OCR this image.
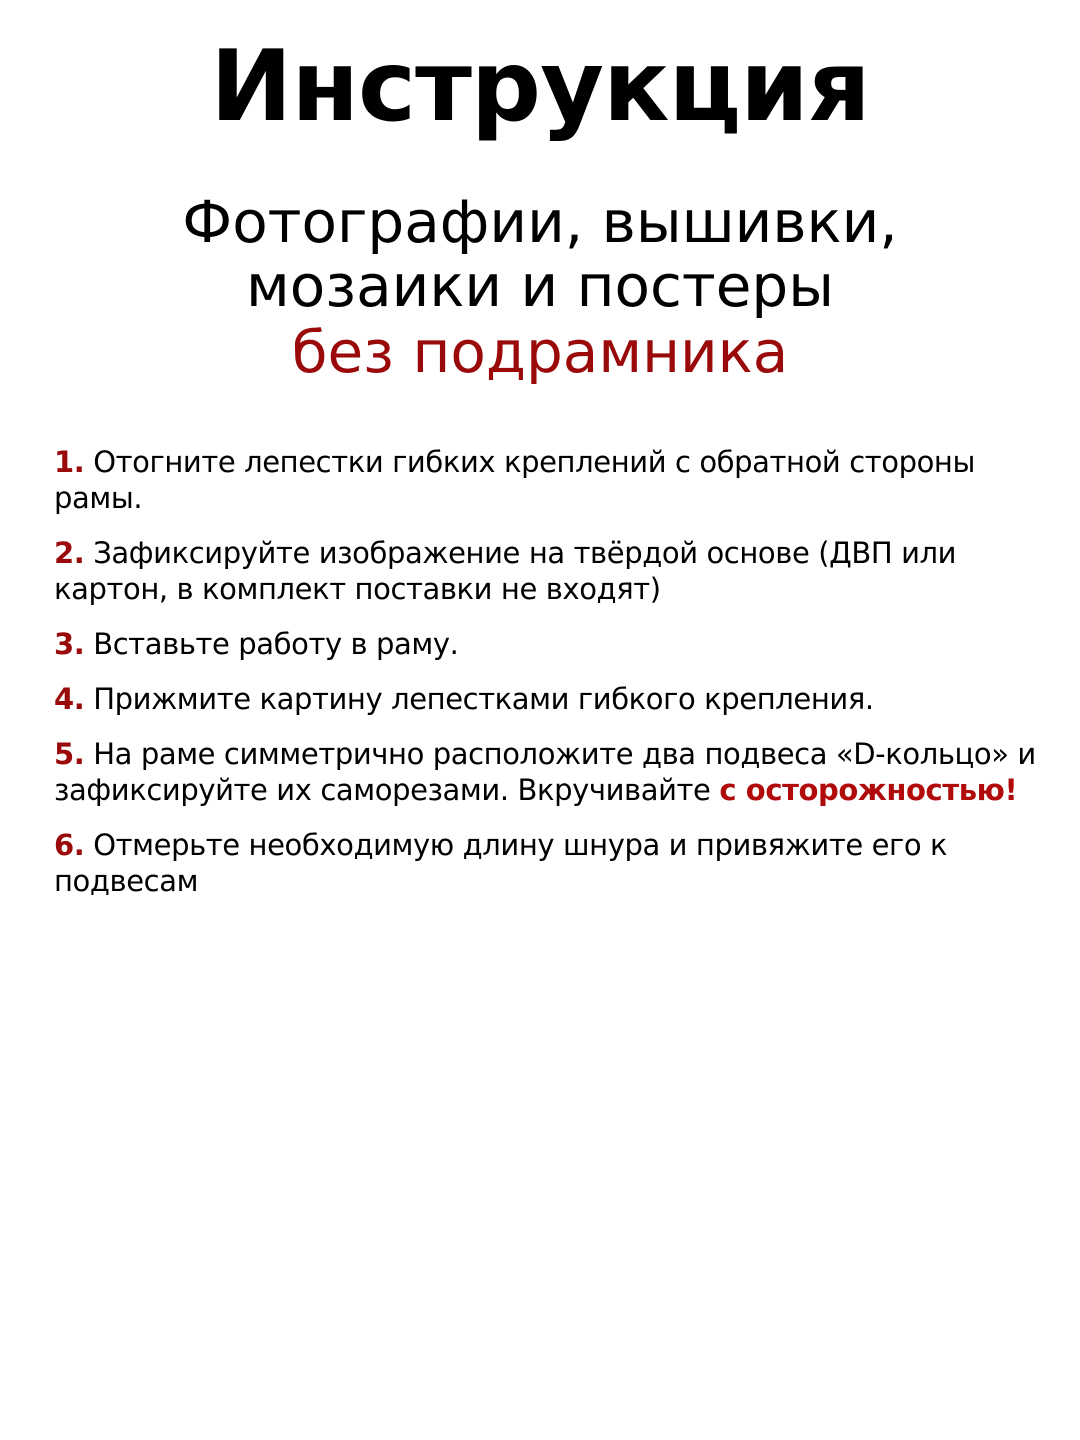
Инструкция

Фотографии, вышивки,

мозаики и постеры

без подрамника

1. Отогните лепестки гибких креплений с обратной стороны рамы.
2. Зафиксируйте изображение на твёрдой основе (ДВП или картон, в комплект поставки не входят)
3. Вставьте работу в раму.
4. Прижмите картину лепестками гибкого крепления.
5. На раме симметрично расположите два подвеса «D-кольцо» и зафиксируйте их саморезами. Вкручивайте с осторожностью!
6. Отмерьте необходимую длину шнура и привяжите его к подвесам
